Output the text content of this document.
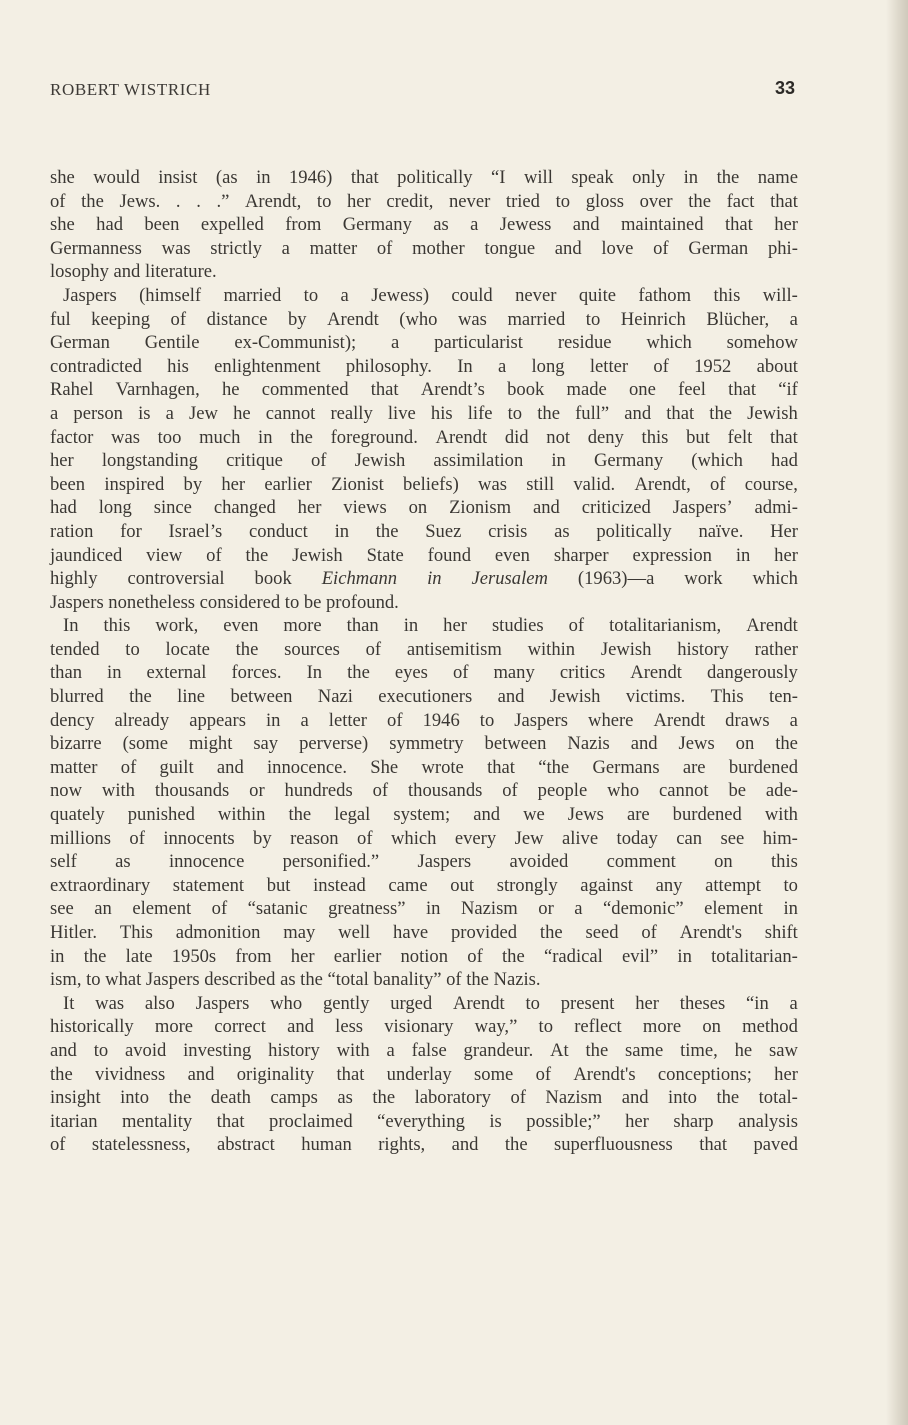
ROBERT WISTRICH	33
she would insist (as in 1946) that politically “I will speak only in the name
of the Jews. . . .” Arendt, to her credit, never tried to gloss over the fact that
she had been expelled from Germany as a Jewess and maintained that her
Germanness was strictly a matter of mother tongue and love of German phi-
losophy and literature.
Jaspers (himself married to a Jewess) could never quite fathom this will-
ful keeping of distance by Arendt (who was married to Heinrich Blücher, a
German Gentile ex-Communist); a particularist residue which somehow
contradicted his enlightenment philosophy. In a long letter of 1952 about
Rahel Varnhagen, he commented that Arendt’s book made one feel that “if
a person is a Jew he cannot really live his life to the full” and that the Jewish
factor was too much in the foreground. Arendt did not deny this but felt that
her longstanding critique of Jewish assimilation in Germany (which had
been inspired by her earlier Zionist beliefs) was still valid. Arendt, of course,
had long since changed her views on Zionism and criticized Jaspers’ admi-
ration for Israel’s conduct in the Suez crisis as politically naïve. Her
jaundiced view of the Jewish State found even sharper expression in her
highly controversial book Eichmann in Jerusalem (1963)—a work which
Jaspers nonetheless considered to be profound.
In this work, even more than in her studies of totalitarianism, Arendt
tended to locate the sources of antisemitism within Jewish history rather
than in external forces. In the eyes of many critics Arendt dangerously
blurred the line between Nazi executioners and Jewish victims. This ten-
dency already appears in a letter of 1946 to Jaspers where Arendt draws a
bizarre (some might say perverse) symmetry between Nazis and Jews on the
matter of guilt and innocence. She wrote that “the Germans are burdened
now with thousands or hundreds of thousands of people who cannot be ade-
quately punished within the legal system; and we Jews are burdened with
millions of innocents by reason of which every Jew alive today can see him-
self as innocence personified.” Jaspers avoided comment on this
extraordinary statement but instead came out strongly against any attempt to
see an element of “satanic greatness” in Nazism or a “demonic” element in
Hitler. This admonition may well have provided the seed of Arendt's shift
in the late 1950s from her earlier notion of the “radical evil” in totalitarian-
ism, to what Jaspers described as the “total banality” of the Nazis.
It was also Jaspers who gently urged Arendt to present her theses “in a
historically more correct and less visionary way,” to reflect more on method
and to avoid investing history with a false grandeur. At the same time, he saw
the vividness and originality that underlay some of Arendt's conceptions; her
insight into the death camps as the laboratory of Nazism and into the total-
itarian mentality that proclaimed “everything is possible;” her sharp analysis
of statelessness, abstract human rights, and the superfluousness that paved
